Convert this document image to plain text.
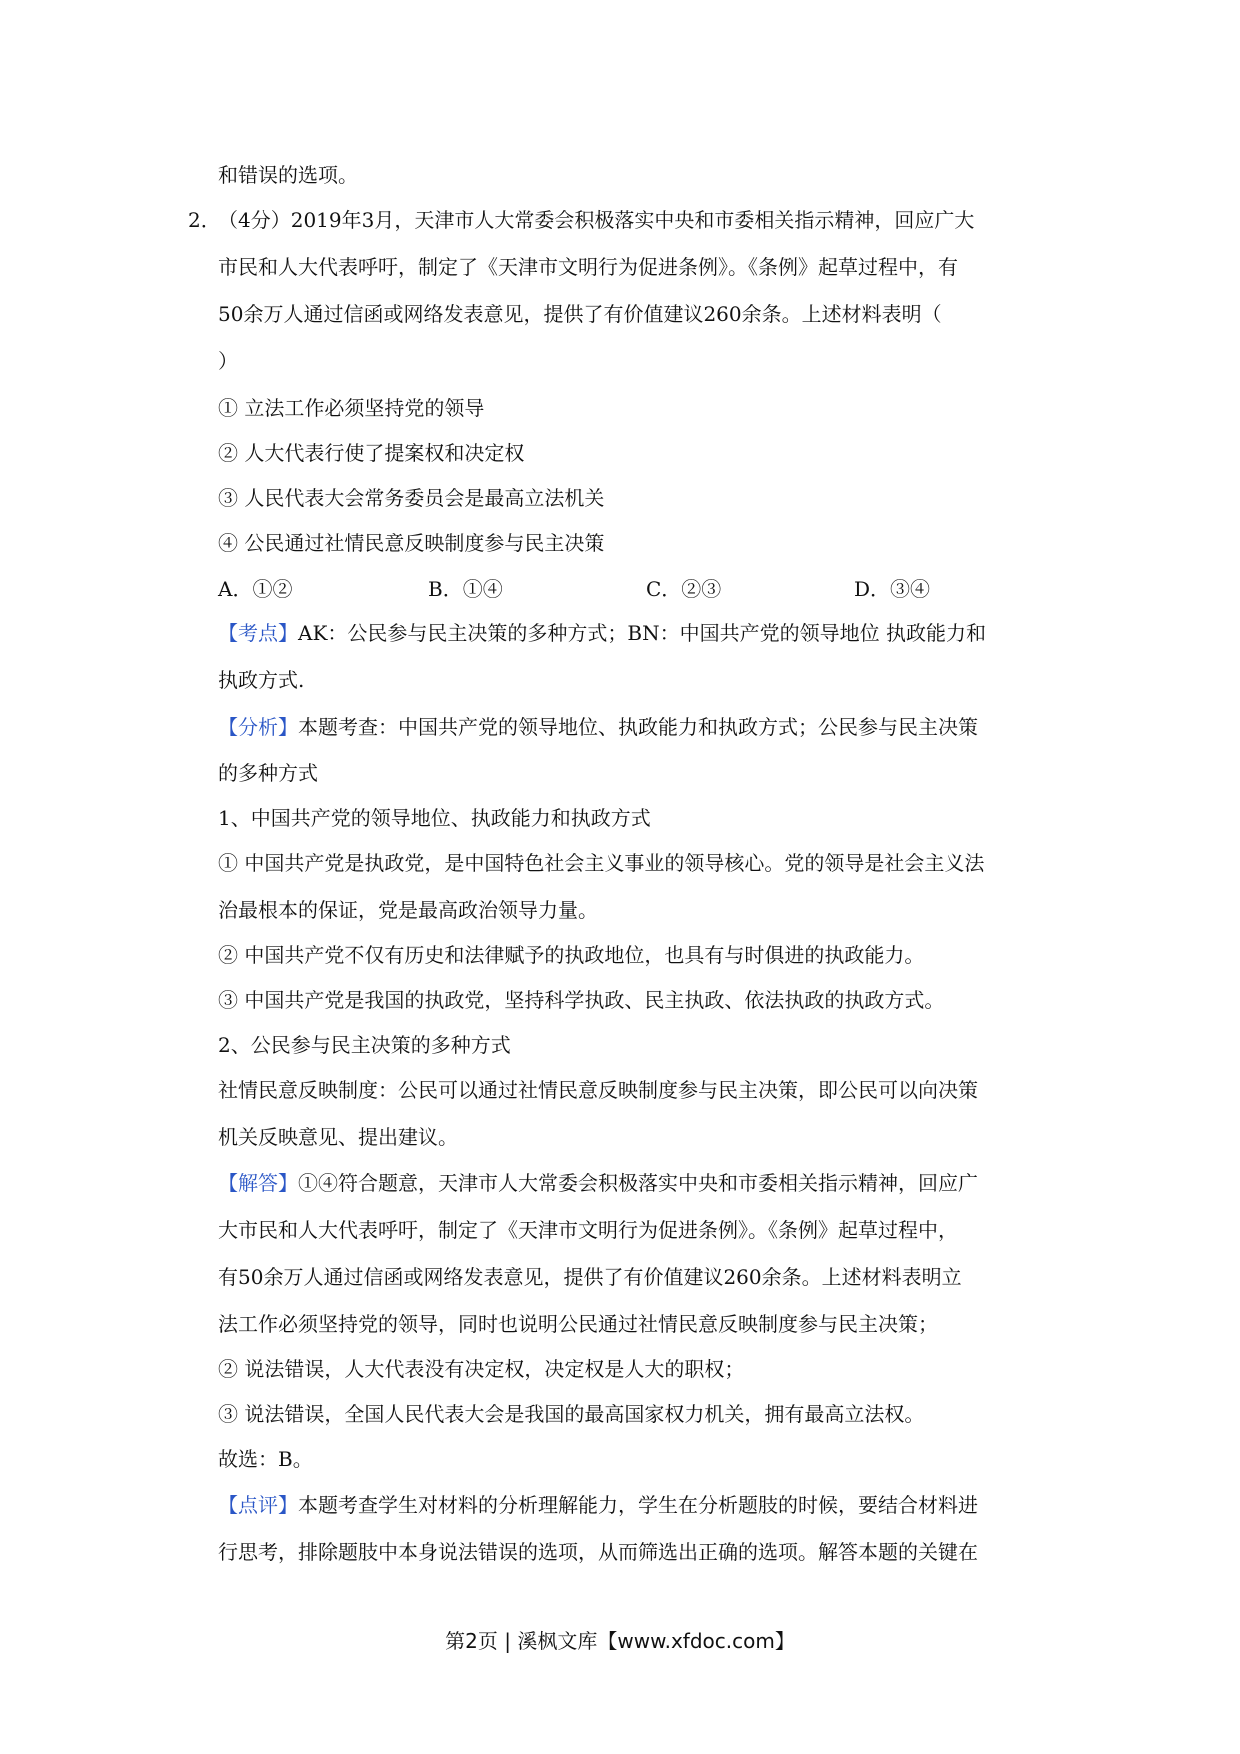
和错误的选项。
2．
（4分）2019年3月，天津市人大常委会积极落实中央和市委相关指示精神，回应广大
市民和人大代表呼吁，制定了《天津市文明行为促进条例》。《条例》起草过程中，有
50余万人通过信函或网络发表意见，提供了有价值建议260余条。上述材料表明（
）
① 立法工作必须坚持党的领导
② 人大代表行使了提案权和决定权
③ 人民代表大会常务委员会是最高立法机关
④ 公民通过社情民意反映制度参与民主决策
A．①②	B．①④	C．②③	D．③④
【考点】AK：公民参与民主决策的多种方式；BN：中国共产党的领导地位 执政能力和
执政方式.
【分析】本题考查：中国共产党的领导地位、执政能力和执政方式；公民参与民主决策
的多种方式
1、中国共产党的领导地位、执政能力和执政方式
① 中国共产党是执政党，是中国特色社会主义事业的领导核心。党的领导是社会主义法
治最根本的保证，党是最高政治领导力量。
② 中国共产党不仅有历史和法律赋予的执政地位，也具有与时俱进的执政能力。
③ 中国共产党是我国的执政党，坚持科学执政、民主执政、依法执政的执政方式。
2、公民参与民主决策的多种方式
社情民意反映制度：公民可以通过社情民意反映制度参与民主决策，即公民可以向决策
机关反映意见、提出建议。
【解答】①④符合题意，天津市人大常委会积极落实中央和市委相关指示精神，回应广
大市民和人大代表呼吁，制定了《天津市文明行为促进条例》。《条例》起草过程中，
有50余万人通过信函或网络发表意见，提供了有价值建议260余条。上述材料表明立
法工作必须坚持党的领导，同时也说明公民通过社情民意反映制度参与民主决策；
② 说法错误，人大代表没有决定权，决定权是人大的职权；
③ 说法错误，全国人民代表大会是我国的最高国家权力机关，拥有最高立法权。
故选：B。
【点评】本题考查学生对材料的分析理解能力，学生在分析题肢的时候，要结合材料进
行思考，排除题肢中本身说法错误的选项，从而筛选出正确的选项。解答本题的关键在
第2页 | 溪枫文库【www.xfdoc.com】
